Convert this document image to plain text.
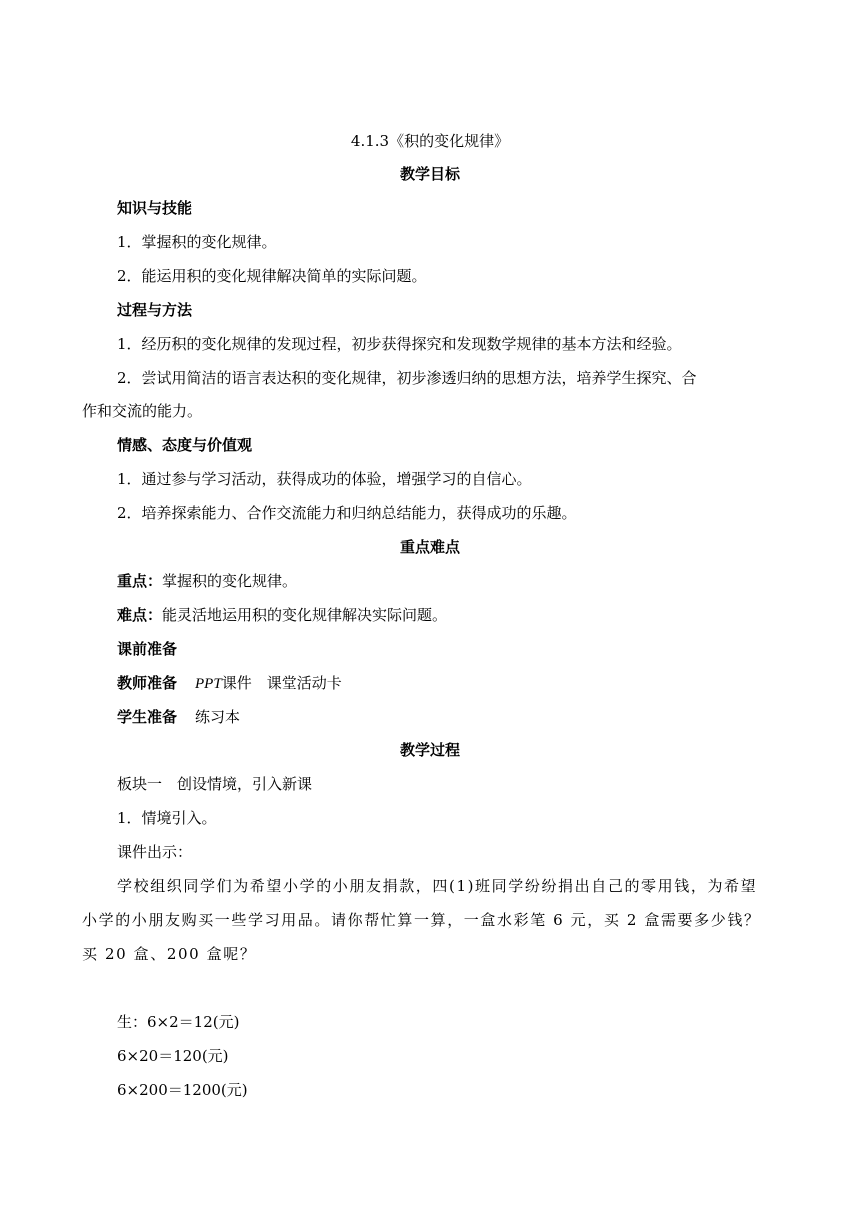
4.1.3《积的变化规律》
教学目标
知识与技能
1．掌握积的变化规律。
2．能运用积的变化规律解决简单的实际问题。
过程与方法
1．经历积的变化规律的发现过程，初步获得探究和发现数学规律的基本方法和经验。
2．尝试用简洁的语言表达积的变化规律，初步渗透归纳的思想方法，培养学生探究、合
作和交流的能力。
情感、态度与价值观
1．通过参与学习活动，获得成功的体验，增强学习的自信心。
2．培养探索能力、合作交流能力和归纳总结能力，获得成功的乐趣。
重点难点
重点：掌握积的变化规律。
难点：能灵活地运用积的变化规律解决实际问题。
课前准备
教师准备 PPT课件　课堂活动卡
学生准备 练习本
教学过程
板块一　创设情境，引入新课
1．情境引入。
课件出示：
学校组织同学们为希望小学的小朋友捐款，四(1)班同学纷纷捐出自己的零用钱，为希望
小学的小朋友购买一些学习用品。请你帮忙算一算，一盒水彩笔 6 元，买 2 盒需要多少钱？
买 20 盒、200 盒呢？
生：6×2＝12(元)
6×20＝120(元)
6×200＝1200(元)
